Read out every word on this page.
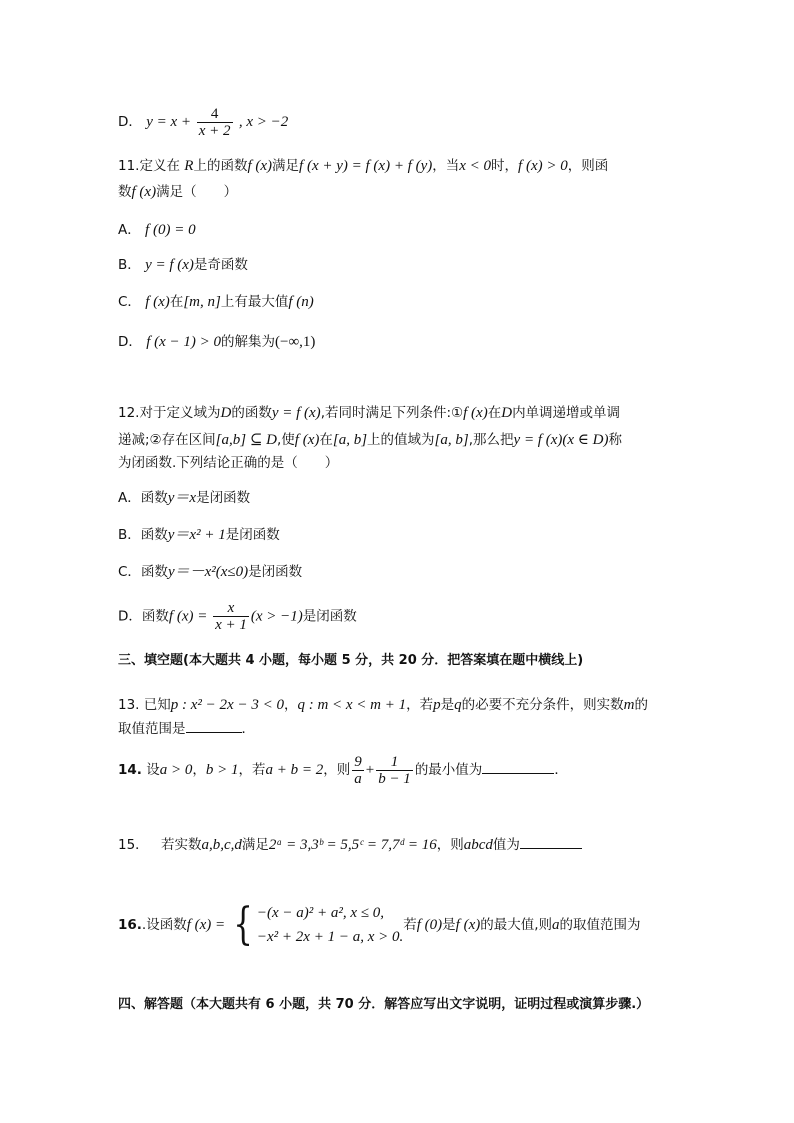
D． $y = x + \frac{4}{x + 2}$ , x > −2
11.定义在 R上的函数f (x)满足f (x + y) = f (x) + f (y)，当x < 0时，f (x) > 0，则函
数f (x)满足（　　）
A． f (0) = 0
B． y = f (x)是奇函数
C． f (x)在[m, n]上有最大值f (n)
D． f (x − 1) > 0的解集为(−∞,1)
12.对于定义域为D的函数y = f (x),若同时满足下列条件:①f (x)在D内单调递增或单调
递减;②存在区间[a,b] ⊆ D,使f (x)在[a, b]上的值域为[a, b],那么把y = f (x)(x ∈ D)称
为闭函数.下列结论正确的是（　　）
A．函数y＝x是闭函数
B．函数y＝x² + 1是闭函数
C．函数y＝－x²(x≤0)是闭函数
D．函数f $(x) = \frac{x}{x + 1} (x > -1)$是闭函数
三、填空题(本大题共 4 小题，每小题 5 分，共 20 分．把答案填在题中横线上)
13. 已知p : x² − 2x − 3 < 0，q : m < x < m + 1，若p是q的必要不充分条件，则实数m的
取值范围是	．
14. 设a > 0，b > 1，若a + b = 2，则 $\frac{9}{a} + \frac{1}{b - 1}$ 的最小值为	．
15． 若实数a,b,c,d满足2ᵃ = 3,3ᵇ = 5,5ᶜ = 7,7ᵈ = 16，则abcd值为
16..设函数f (x) = { −(x − a)² + a², x ≤ 0,
−x² + 2x + 1 − a, x > 0.
若f (0)是f (x)的最大值,则a的取值范围为
四、解答题（本大题共有 6 小题，共 70 分．解答应写出文字说明，证明过程或演算步骤.）
